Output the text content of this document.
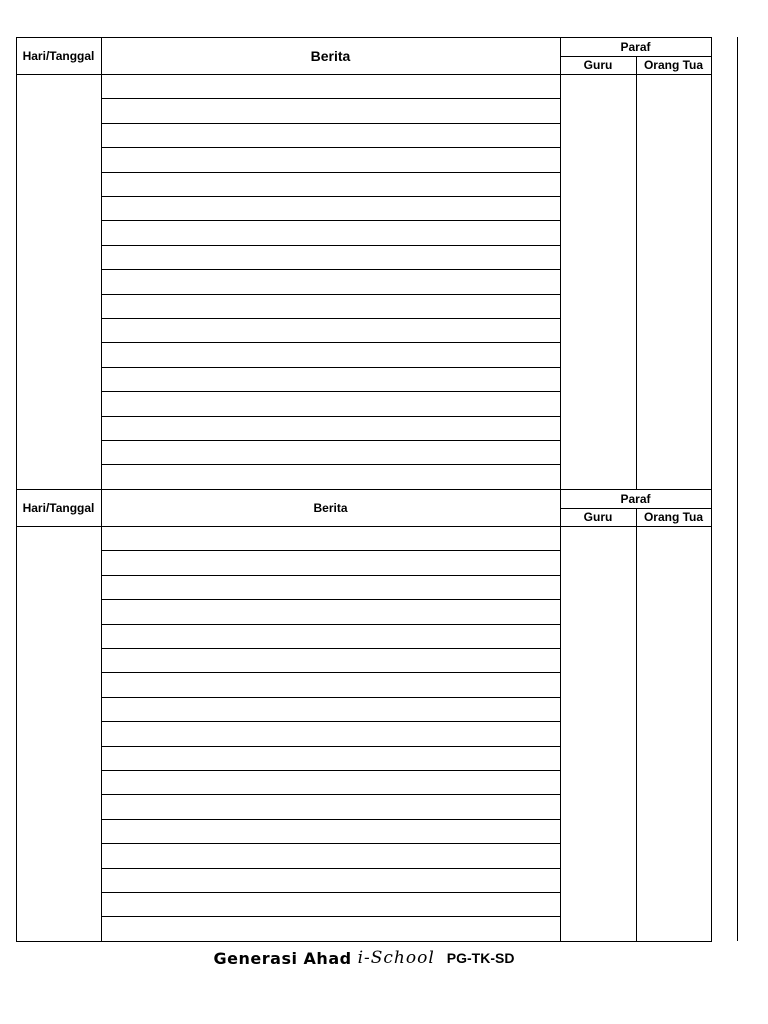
Hari/Tanggal	Berita
Paraf
Guru	Orang Tua
Hari/Tanggal	Berita
Paraf
Guru	Orang Tua
Generasi Ahad i-School PG-TK-SD
